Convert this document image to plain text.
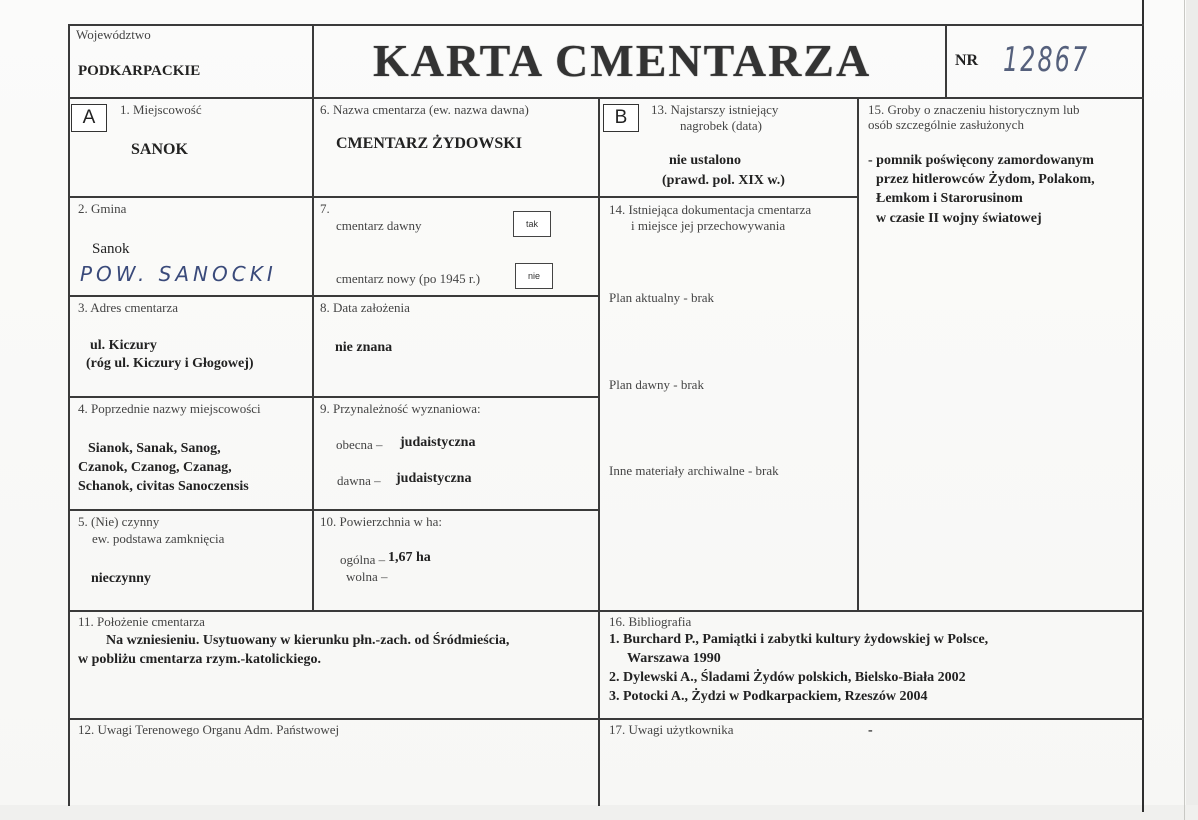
Województwo
PODKARPACKIE	KARTA CMENTARZA	NR 12867
A	B
1. Miejscowość
SANOK
6. Nazwa cmentarza (ew. nazwa dawna)
CMENTARZ ŻYDOWSKI
13. Najstarszy istniejący
nagrobek (data)
nie ustalono
(prawd. pol. XIX w.)
15. Groby o znaczeniu historycznym lub
osób szczególnie zasłużonych
- pomnik poświęcony zamordowanym
przez hitlerowców Żydom, Polakom,
Łemkom i Starorusinom
w czasie II wojny światowej
2. Gmina
Sanok
POW. SANOCKI
7.
cmentarz dawny	tak
cmentarz nowy (po 1945 r.)	nie
14. Istniejąca dokumentacja cmentarza
i miejsce jej przechowywania
Plan aktualny - brak
Plan dawny - brak
Inne materiały archiwalne - brak
3. Adres cmentarza
ul. Kiczury
(róg ul. Kiczury i Głogowej)
8. Data założenia
nie znana
4. Poprzednie nazwy miejscowości
Sianok, Sanak, Sanog,
Czanok, Czanog, Czanag,
Schanok, civitas Sanoczensis
9. Przynależność wyznaniowa:
obecna – judaistyczna
dawna – judaistyczna
5. (Nie) czynny
ew. podstawa zamknięcia
nieczynny
10. Powierzchnia w ha:
ogólna – 1,67 ha
wolna –
11. Położenie cmentarza
Na wzniesieniu. Usytuowany w kierunku płn.-zach. od Śródmieścia,
w pobliżu cmentarza rzym.-katolickiego.
16. Bibliografia
1. Burchard P., Pamiątki i zabytki kultury żydowskiej w Polsce,
Warszawa 1990
2. Dylewski A., Śladami Żydów polskich, Bielsko-Biała 2002
3. Potocki A., Żydzi w Podkarpackiem, Rzeszów 2004
12. Uwagi Terenowego Organu Adm. Państwowej	17. Uwagi użytkownika	-
